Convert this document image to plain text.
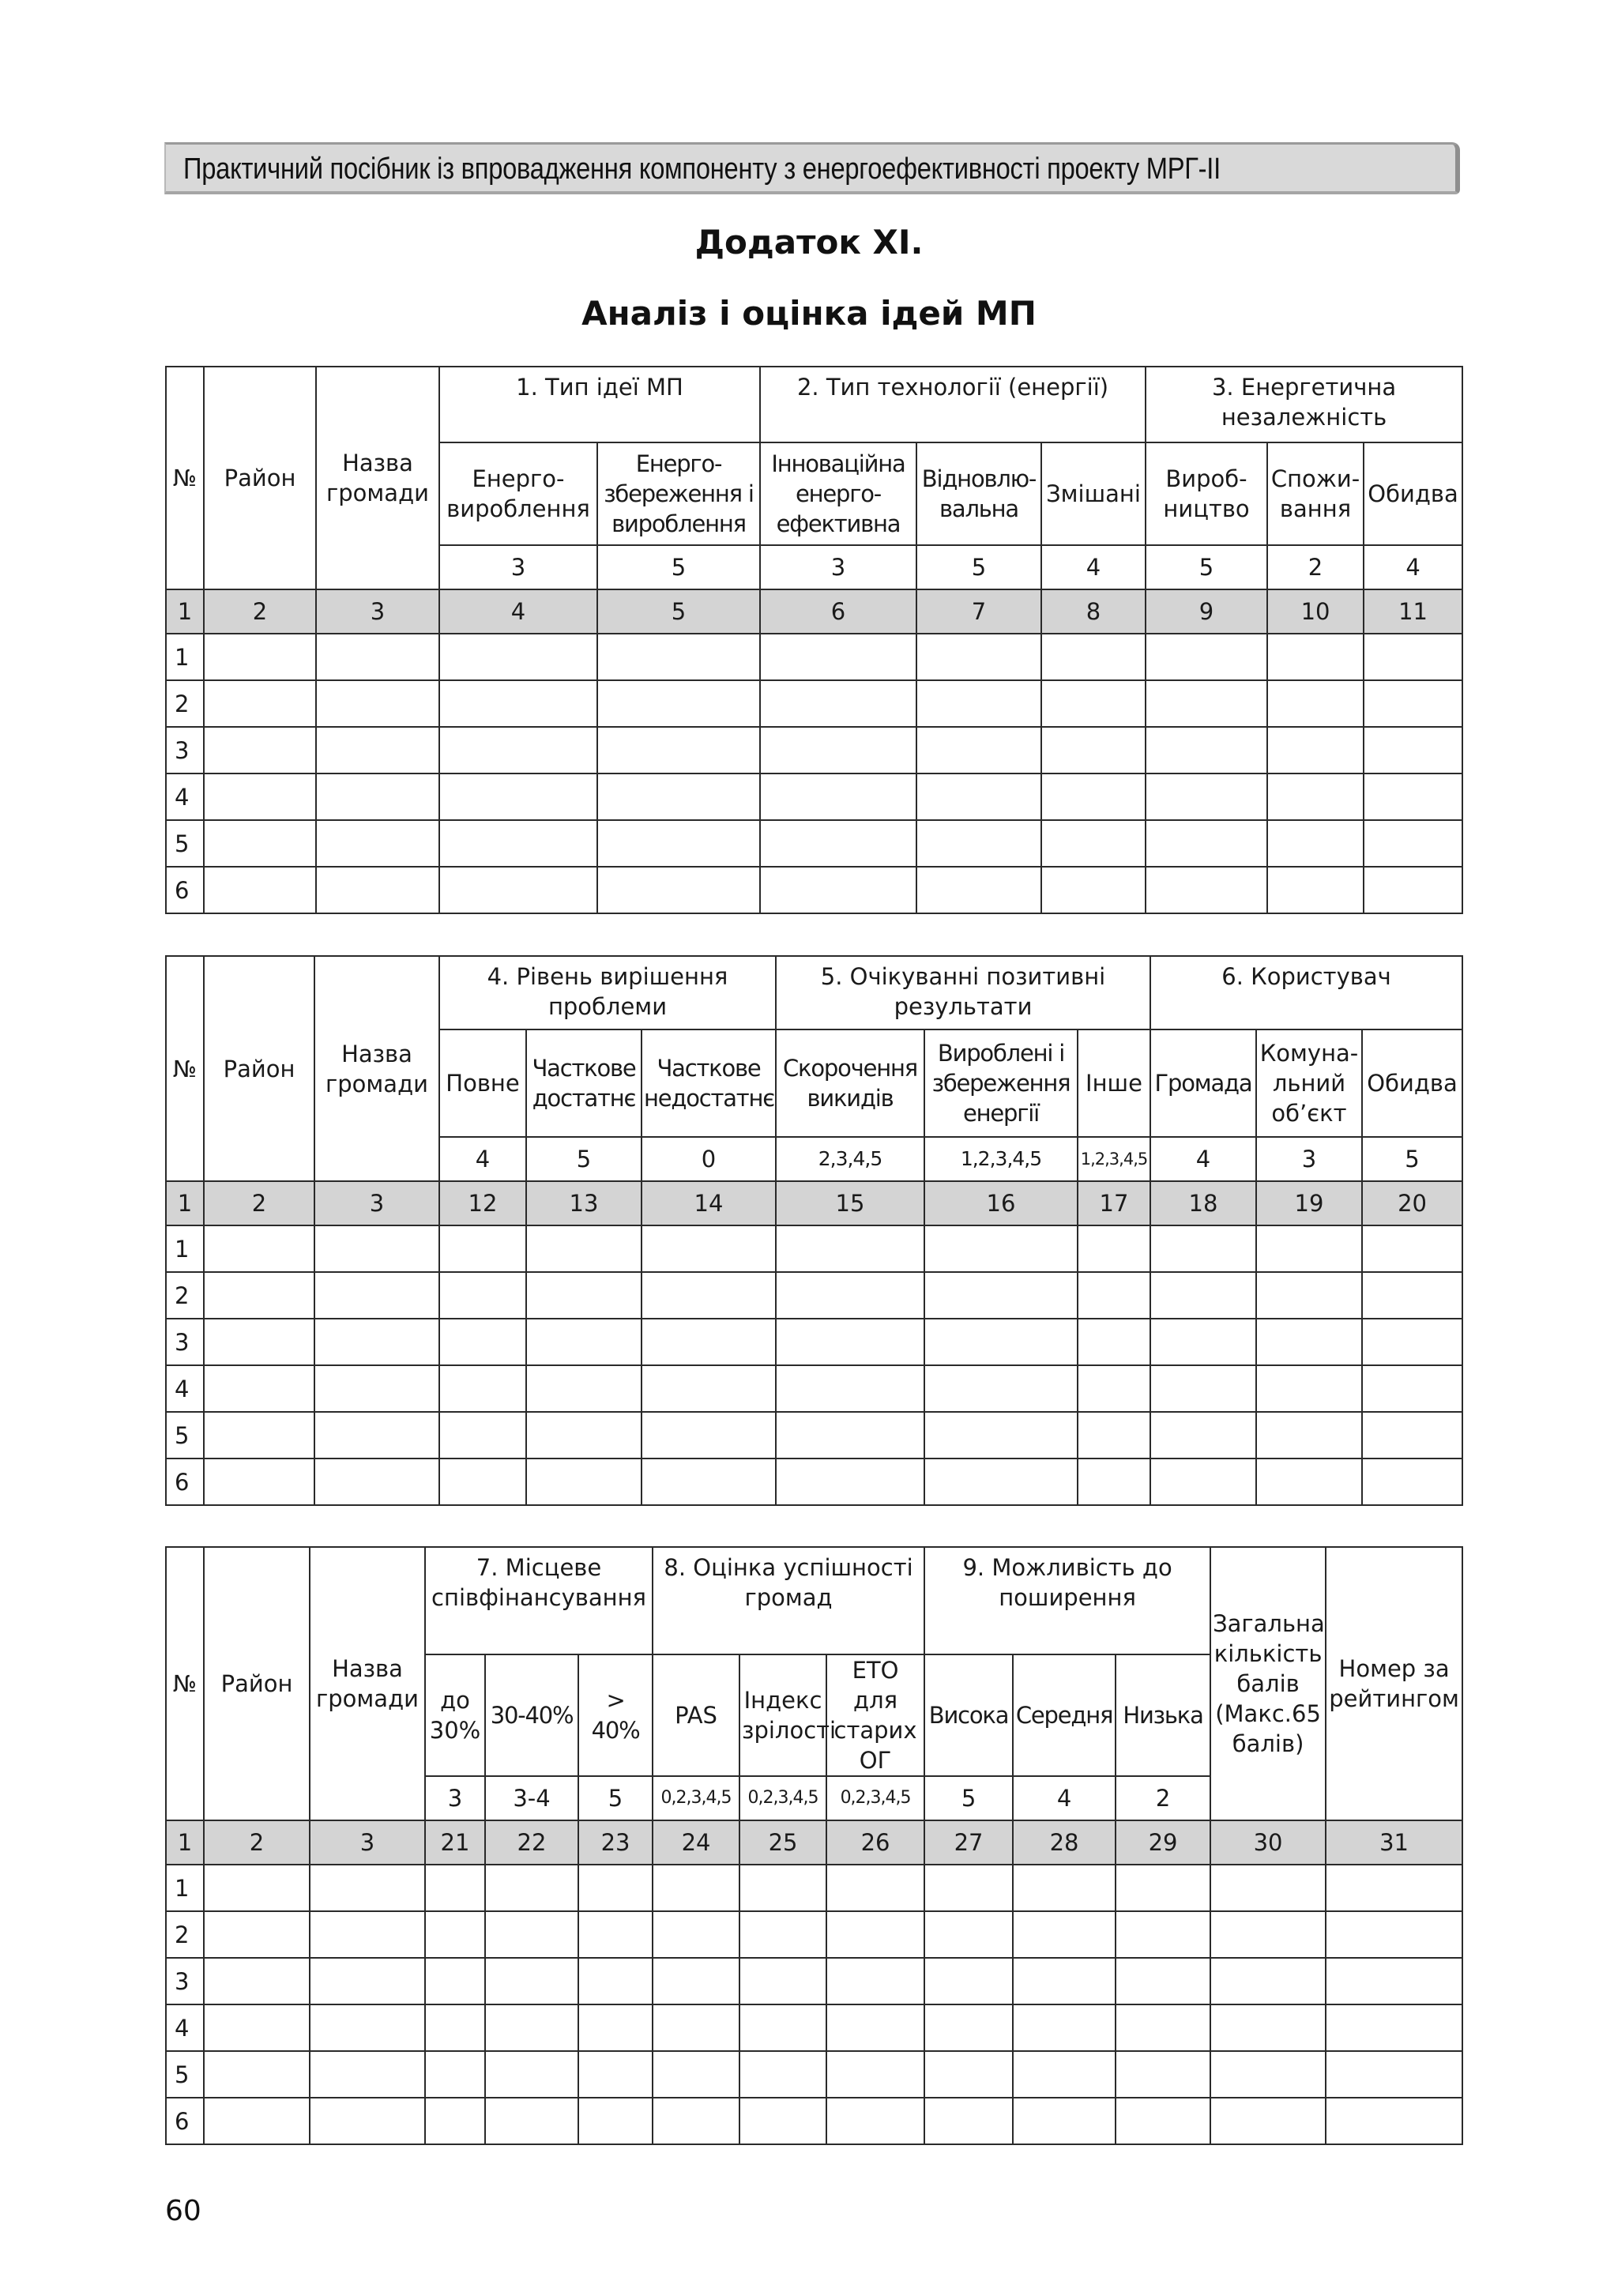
Практичний посібник із впровадження компоненту з енергоефективності проекту МРГ-ІІ
Додаток XI.
Аналіз і оцінка ідей МП
№	Район	Назва громади	1. Тип ідеї МП		2. Тип технології (енергії)			3. Енергетична незалежність		
			Енерго-вироблення	Енерго-збереження і вироблення	Інноваційна енерго-ефективна	Відновлю-вальна	Змішані	Вироб-ництво	Спожи-вання	Обидва
			3	5	3	5	4	5	2	4
1	2	3	4	5	6	7	8	9	10	11
1										
2										
3										
4										
5										
6										
№	Район	Назва громади	4. Рівень вирішення проблеми			5. Очікуванні позитивні результати			6. Користувач		
			Повне	Часткове достатнє	Часткове недостатнє	Скорочення викидів	Вироблені і збереження енергії	Інше	Громада	Комуна-льний об’єкт	Обидва
			4	5	0	2,3,4,5	1,2,3,4,5	1,2,3,4,5	4	3	5
1	2	3	12	13	14	15	16	17	18	19	20
1											
2											
3											
4											
5											
6											
№	Район	Назва громади	7. Місцеве співфінансування			8. Оцінка успішності громад			9. Можливість до поширення			Загальна кількість балів (Макс.65 балів)	Номер за рейтингом
			до 30%	30-40%	> 40%	PAS	Індекс зрілості	ЕТО для старих ОГ	Висока	Середня	Низька		
			3	3-4	5	0,2,3,4,5	0,2,3,4,5	0,2,3,4,5	5	4	2		
1	2	3	21	22	23	24	25	26	27	28	29	30	31
1													
2													
3													
4													
5													
6													
60
